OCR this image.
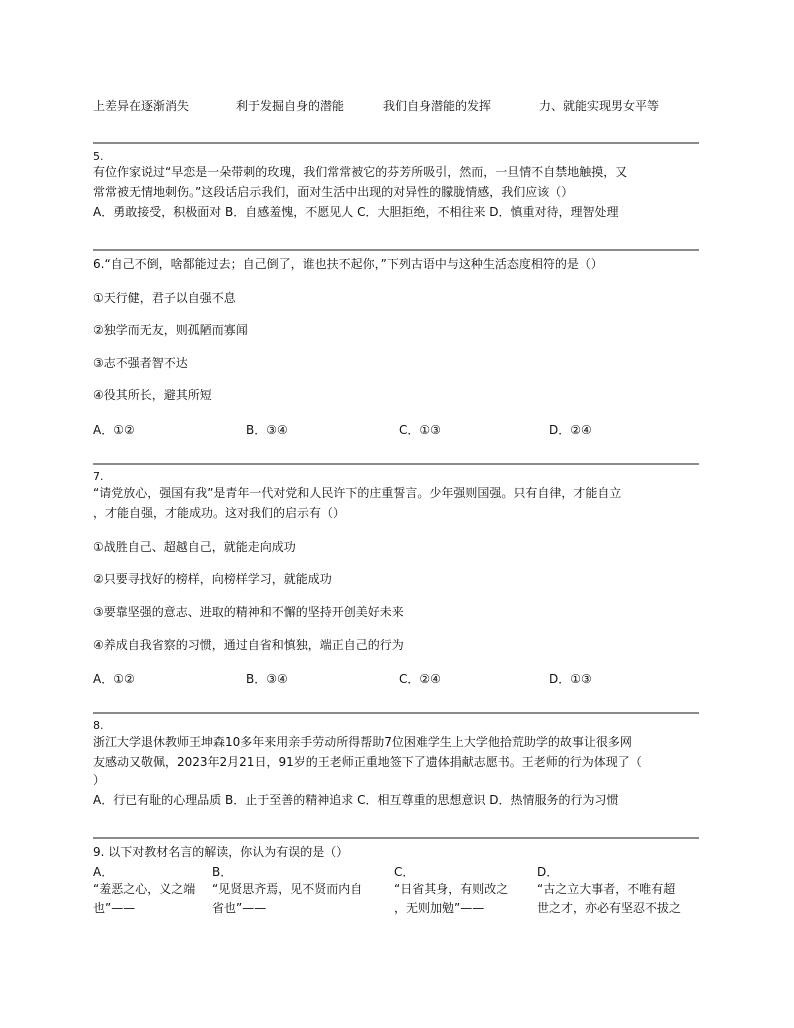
上差异在逐渐消失	利于发掘自身的潜能	我们自身潜能的发挥	力、就能实现男女平等
5.
有位作家说过“早恋是一朵带刺的玫瑰，我们常常被它的芬芳所吸引，然而，一旦情不自禁地触摸，又
常常被无情地刺伤。”这段话启示我们，面对生活中出现的对异性的朦胧情感，我们应该（）
A．勇敢接受，积极面对 B．自感羞愧，不愿见人 C．大胆拒绝，不相往来 D．慎重对待，理智处理
6.“自己不倒，啥都能过去；自己倒了，谁也扶不起你，”下列古语中与这种生活态度相符的是（）
①天行健，君子以自强不息
②独学而无友，则孤陋而寡闻
③志不强者智不达
④役其所长，避其所短
A．①②	B．③④	C．①③	D．②④
7.
“请党放心，强国有我”是青年一代对党和人民许下的庄重誓言。少年强则国强。只有自律，才能自立
，才能自强，才能成功。这对我们的启示有（）
①战胜自己、超越自己，就能走向成功
②只要寻找好的榜样，向榜样学习，就能成功
③要靠坚强的意志、进取的精神和不懈的坚持开创美好未来
④养成自我省察的习惯，通过自省和慎独，端正自己的行为
A．①②	B．③④	C．②④	D．①③
8.
浙江大学退休教师王坤森10多年来用亲手劳动所得帮助7位困难学生上大学他拾荒助学的故事让很多网
友感动又敬佩，2023年2月21日，91岁的王老师正重地签下了遗体捐献志愿书。王老师的行为体现了（
）
A．行已有耻的心理品质 B．止于至善的精神追求 C．相互尊重的思想意识 D．热情服务的行为习惯
9. 以下对教材名言的解读，你认为有误的是（）
A．
“羞恶之心，义之端
也”——
B．
“见贤思齐焉，见不贤而内自
省也”——
C．
“日省其身，有则改之
，无则加勉”——
D．
“古之立大事者，不唯有超
世之才，亦必有坚忍不拔之
